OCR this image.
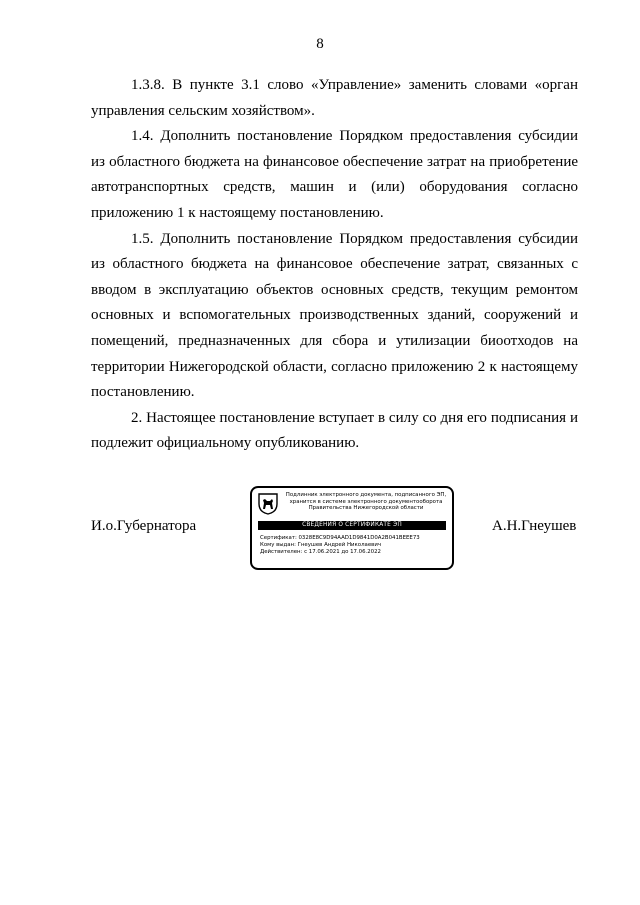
8

1.3.8. В пункте 3.1 слово «Управление» заменить словами «орган управления сельским хозяйством».

1.4. Дополнить постановление Порядком предоставления субсидии из областного бюджета на финансовое обеспечение затрат на приобретение автотранспортных средств, машин и (или) оборудования согласно приложению 1 к настоящему постановлению.

1.5. Дополнить постановление Порядком предоставления субсидии из областного бюджета на финансовое обеспечение затрат, связанных с вводом в эксплуатацию объектов основных средств, текущим ремонтом основных и вспомогательных производственных зданий, сооружений и помещений, предназначенных для сбора и утилизации биоотходов на территории Нижегородской области, согласно приложению 2 к настоящему постановлению.

2. Настоящее постановление вступает в силу со дня его подписания и подлежит официальному опубликованию.

И.о.Губернатора
Подлинник электронного документа, подписанного ЭП,
хранится в системе электронного документооборота
Правительства Нижегородской области
СВЕДЕНИЯ О СЕРТИФИКАТЕ ЭП
Сертификат: 0328E8C9D94AAD1D9841D0A2B041BEEE73
Кому выдан: Гнеушев Андрей Николаевич
Действителен: с 17.06.2021 до 17.06.2022
А.Н.Гнеушев
